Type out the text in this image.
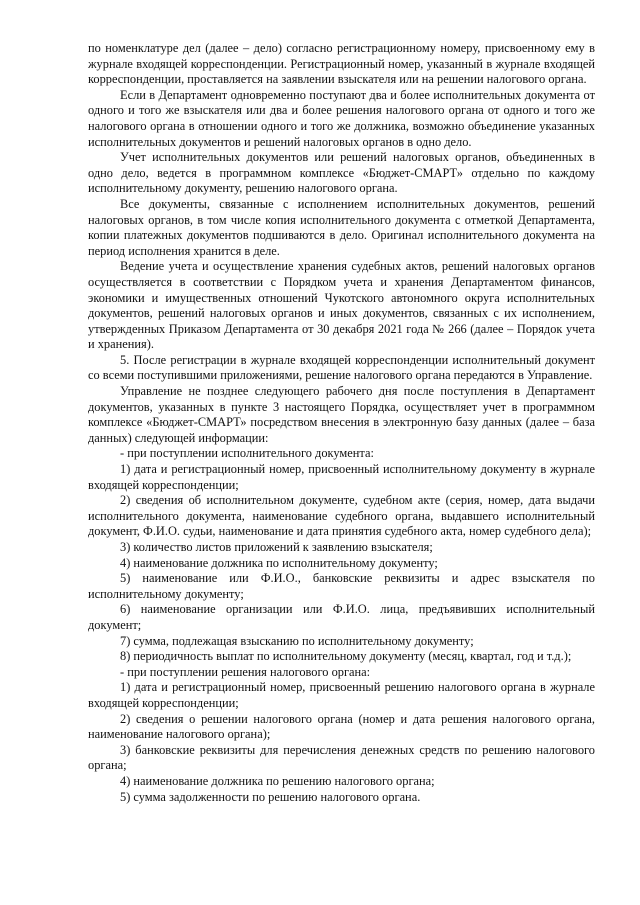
по номенклатуре дел (далее – дело) согласно регистрационному номеру, присвоенному ему в журнале входящей корреспонденции. Регистрационный номер, указанный в журнале входящей корреспонденции, проставляется на заявлении взыскателя или на решении налогового органа.

Если в Департамент одновременно поступают два и более исполнительных документа от одного и того же взыскателя или два и более решения налогового органа от одного и того же налогового органа в отношении одного и того же должника, возможно объединение указанных исполнительных документов и решений налоговых органов в одно дело.

Учет исполнительных документов или решений налоговых органов, объединенных в одно дело, ведется в программном комплексе «Бюджет-СМАРТ» отдельно по каждому исполнительному документу, решению налогового органа.

Все документы, связанные с исполнением исполнительных документов, решений налоговых органов, в том числе копия исполнительного документа с отметкой Департамента, копии платежных документов подшиваются в дело. Оригинал исполнительного документа на период исполнения хранится в деле.

Ведение учета и осуществление хранения судебных актов, решений налоговых органов осуществляется в соответствии с Порядком учета и хранения Департаментом финансов, экономики и имущественных отношений Чукотского автономного округа исполнительных документов, решений налоговых органов и иных документов, связанных с их исполнением, утвержденных Приказом Департамента от 30 декабря 2021 года № 266 (далее – Порядок учета и хранения).

5. После регистрации в журнале входящей корреспонденции исполнительный документ со всеми поступившими приложениями, решение налогового органа передаются в Управление.

Управление не позднее следующего рабочего дня после поступления в Департамент документов, указанных в пункте 3 настоящего Порядка, осуществляет учет в программном комплексе «Бюджет-СМАРТ» посредством внесения в электронную базу данных (далее – база данных) следующей информации:

- при поступлении исполнительного документа:

1) дата и регистрационный номер, присвоенный исполнительному документу в журнале входящей корреспонденции;

2) сведения об исполнительном документе, судебном акте (серия, номер, дата выдачи исполнительного документа, наименование судебного органа, выдавшего исполнительный документ, Ф.И.О. судьи, наименование и дата принятия судебного акта, номер судебного дела);

3) количество листов приложений к заявлению взыскателя;

4) наименование должника по исполнительному документу;

5) наименование или Ф.И.О., банковские реквизиты и адрес взыскателя по исполнительному документу;

6) наименование организации или Ф.И.О. лица, предъявивших исполнительный документ;

7) сумма, подлежащая взысканию по исполнительному документу;

8) периодичность выплат по исполнительному документу (месяц, квартал, год и т.д.);

- при поступлении решения налогового органа:

1) дата и регистрационный номер, присвоенный решению налогового органа в журнале входящей корреспонденции;

2) сведения о решении налогового органа (номер и дата решения налогового органа, наименование налогового органа);

3) банковские реквизиты для перечисления денежных средств по решению налогового органа;

4) наименование должника по решению налогового органа;

5) сумма задолженности по решению налогового органа.
